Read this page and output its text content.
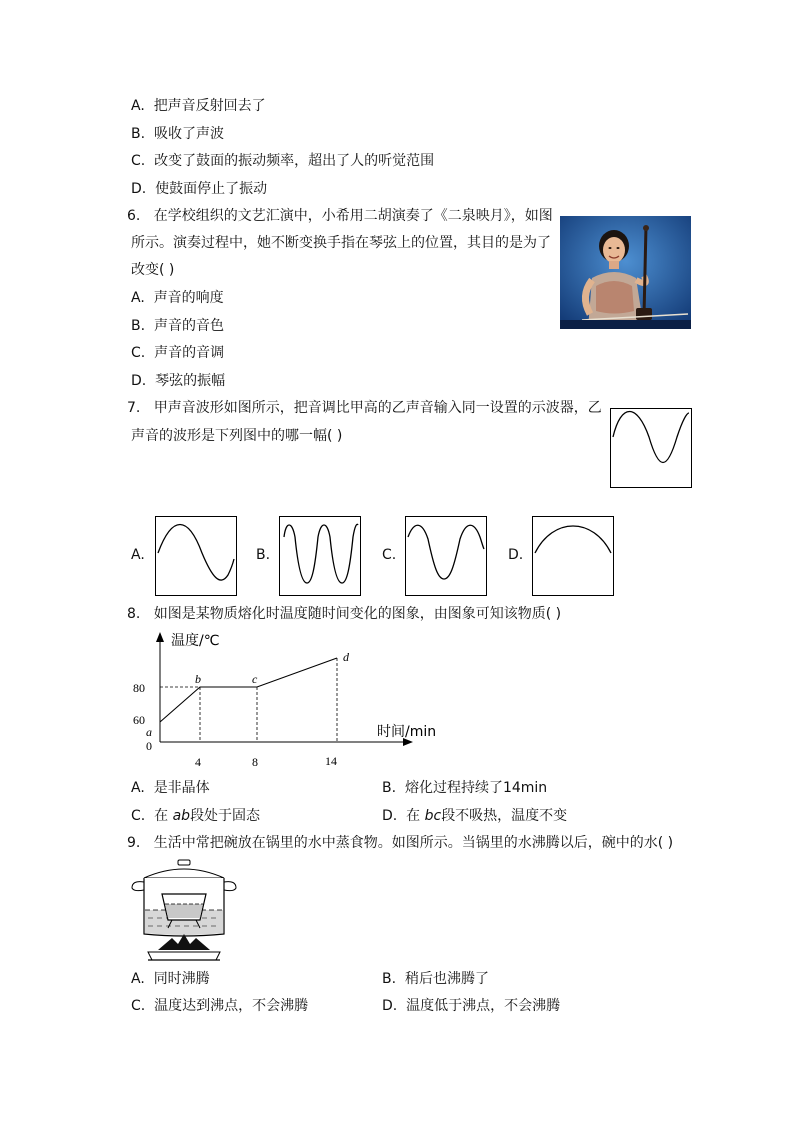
A. 把声音反射回去了
B. 吸收了声波
C. 改变了鼓面的振动频率，超出了人的听觉范围
D. 使鼓面停止了振动
6. 在学校组织的文艺汇演中，小希用二胡演奏了《二泉映月》，如图
所示。演奏过程中，她不断变换手指在琴弦上的位置，其目的是为了
改变( )
A. 声音的响度
B. 声音的音色
C. 声音的音调
D. 琴弦的振幅
7. 甲声音波形如图所示，把音调比甲高的乙声音输入同一设置的示波器，乙
声音的波形是下列图中的哪一幅( )
A.	B.	C.	D.
8. 如图是某物质熔化时温度随时间变化的图象，由图象可知该物质( )
温度/℃
时间/min
80
60
0
4	8	14
a
b	c
d
A. 是非晶体	B. 熔化过程持续了14min
C. 在 ab段处于固态	D. 在 bc段不吸热，温度不变
9. 生活中常把碗放在锅里的水中蒸食物。如图所示。当锅里的水沸腾以后，碗中的水( )
A. 同时沸腾	B. 稍后也沸腾了
C. 温度达到沸点，不会沸腾	D. 温度低于沸点，不会沸腾
